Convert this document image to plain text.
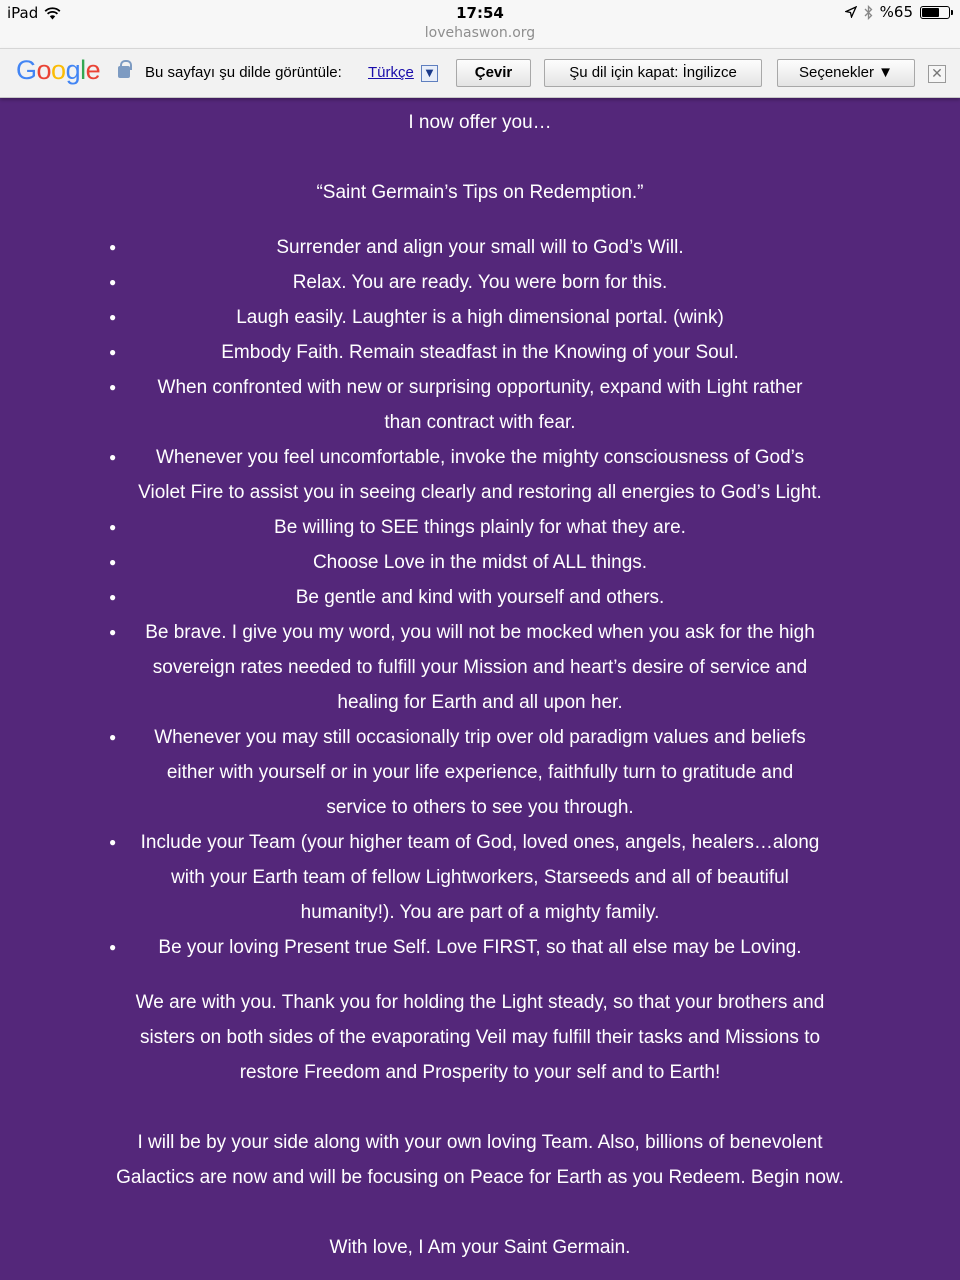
iPad	17:54
lovehaswon.org
%65
Google	Bu sayfayı şu dilde görüntüle: Türkçe	▼	Çevir	Şu dil için kapat: İngilizce	Seçenekler ▼	✕
I now offer you…
“Saint Germain’s Tips on Redemption.”
●	Surrender and align your small will to God’s Will.
●	Relax. You are ready. You were born for this.
●	Laugh easily. Laughter is a high dimensional portal. (wink)
●	Embody Faith. Remain steadfast in the Knowing of your Soul.
● When confronted with new or surprising opportunity, expand with Light rather
than contract with fear.
● Whenever you feel uncomfortable, invoke the mighty consciousness of God’s
Violet Fire to assist you in seeing clearly and restoring all energies to God’s Light.
●	Be willing to SEE things plainly for what they are.
●	Choose Love in the midst of ALL things.
●	Be gentle and kind with yourself and others.
● Be brave. I give you my word, you will not be mocked when you ask for the high
sovereign rates needed to fulfill your Mission and heart’s desire of service and
healing for Earth and all upon her.
● Whenever you may still occasionally trip over old paradigm values and beliefs
either with yourself or in your life experience, faithfully turn to gratitude and
service to others to see you through.
● Include your Team (your higher team of God, loved ones, angels, healers…along
with your Earth team of fellow Lightworkers, Starseeds and all of beautiful
humanity!). You are part of a mighty family.
● Be your loving Present true Self. Love FIRST, so that all else may be Loving.
We are with you. Thank you for holding the Light steady, so that your brothers and
sisters on both sides of the evaporating Veil may fulfill their tasks and Missions to
restore Freedom and Prosperity to your self and to Earth!
I will be by your side along with your own loving Team. Also, billions of benevolent
Galactics are now and will be focusing on Peace for Earth as you Redeem. Begin now.
With love, I Am your Saint Germain.
